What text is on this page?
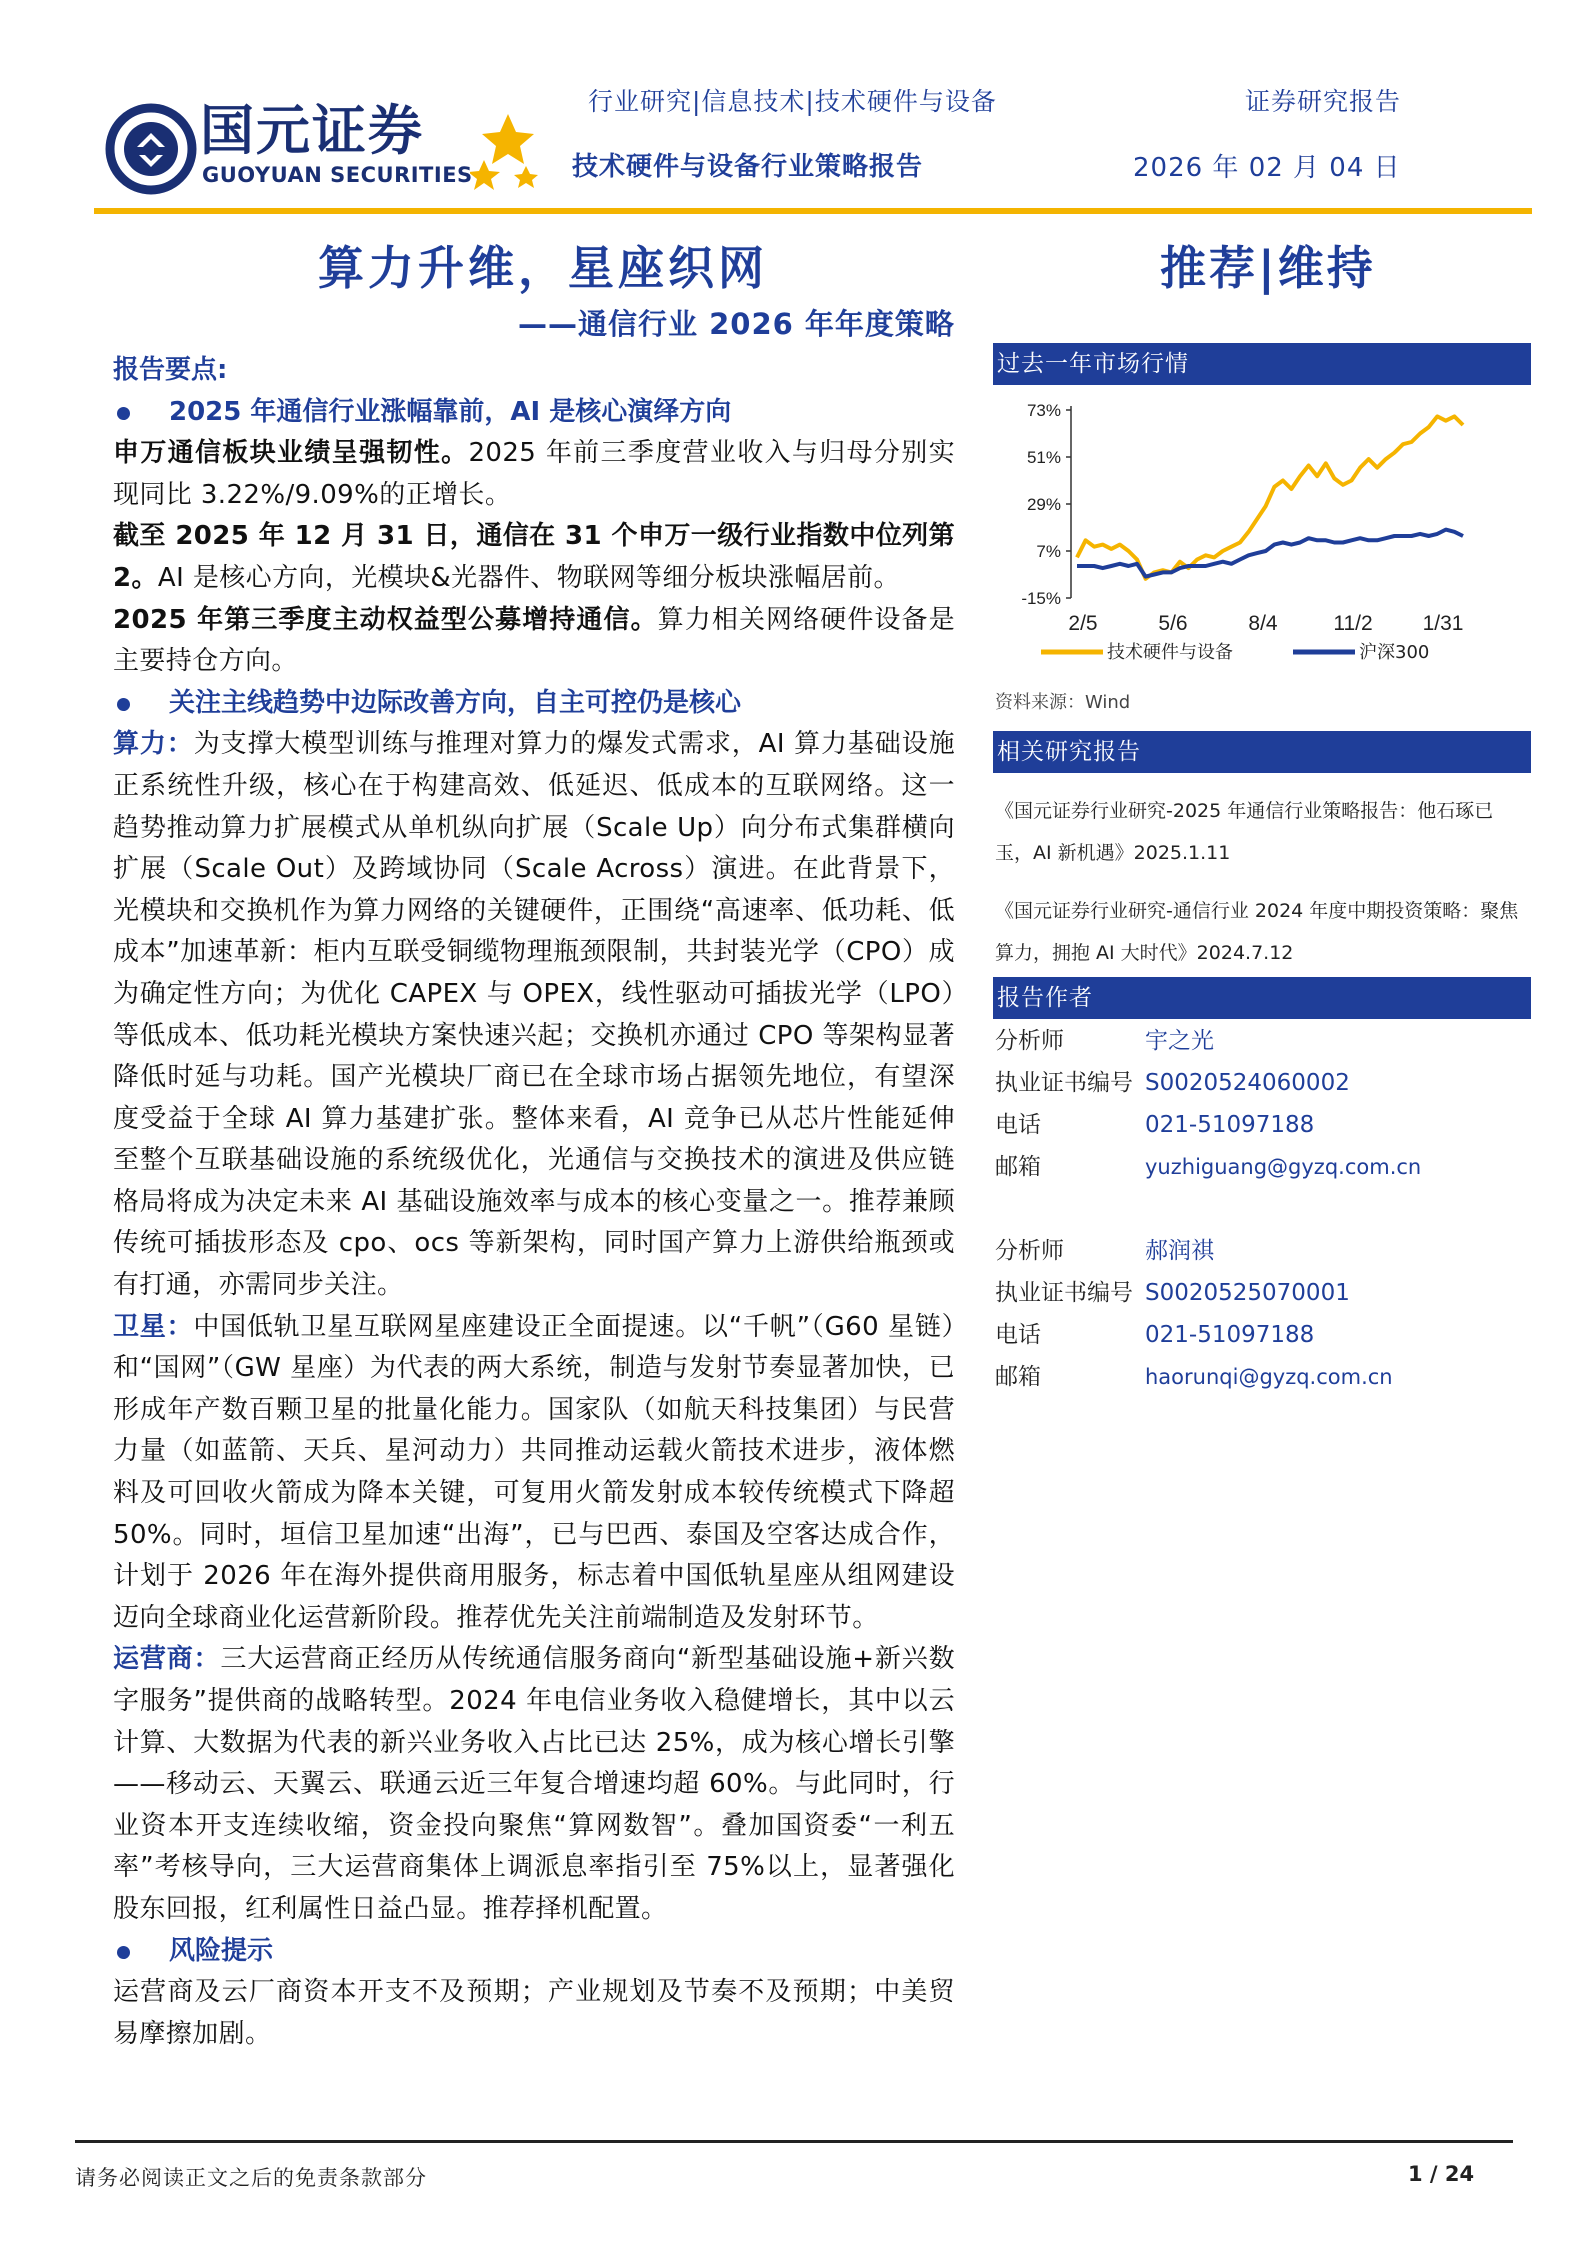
国元证券
GUOYUAN SECURITIES
行业研究|信息技术|技术硬件与设备	证券研究报告
技术硬件与设备行业策略报告	2026 年 02 月 04 日
算力升维，星座织网	推荐|维持
——通信行业 2026 年年度策略

报告要点:

2025 年通信行业涨幅靠前，AI 是核心演绎方向

申万通信板块业绩呈强韧性。2025 年前三季度营业收入与归母分别实现同比 3.22%/9.09%的正增长。

截至 2025 年 12 月 31 日，通信在 31 个申万一级行业指数中位列第 2。AI 是核心方向，光模块&光器件、物联网等细分板块涨幅居前。

2025 年第三季度主动权益型公募增持通信。算力相关网络硬件设备是主要持仓方向。

关注主线趋势中边际改善方向，自主可控仍是核心

算力：为支撑大模型训练与推理对算力的爆发式需求，AI 算力基础设施正系统性升级，核心在于构建高效、低延迟、低成本的互联网络。这一趋势推动算力扩展模式从单机纵向扩展（Scale Up）向分布式集群横向扩展（Scale Out）及跨域协同（Scale Across）演进。在此背景下，光模块和交换机作为算力网络的关键硬件，正围绕“高速率、低功耗、低成本”加速革新：柜内互联受铜缆物理瓶颈限制，共封装光学（CPO）成为确定性方向；为优化 CAPEX 与 OPEX，线性驱动可插拔光学（LPO）等低成本、低功耗光模块方案快速兴起；交换机亦通过 CPO 等架构显著降低时延与功耗。国产光模块厂商已在全球市场占据领先地位，有望深度受益于全球 AI 算力基建扩张。整体来看，AI 竞争已从芯片性能延伸至整个互联基础设施的系统级优化，光通信与交换技术的演进及供应链格局将成为决定未来 AI 基础设施效率与成本的核心变量之一。推荐兼顾传统可插拔形态及 cpo、ocs 等新架构，同时国产算力上游供给瓶颈或有打通，亦需同步关注。

卫星：中国低轨卫星互联网星座建设正全面提速。以“千帆”（G60 星链）和“国网”（GW 星座）为代表的两大系统，制造与发射节奏显著加快，已形成年产数百颗卫星的批量化能力。国家队（如航天科技集团）与民营力量（如蓝箭、天兵、星河动力）共同推动运载火箭技术进步，液体燃料及可回收火箭成为降本关键，可复用火箭发射成本较传统模式下降超 50%。同时，垣信卫星加速“出海”，已与巴西、泰国及空客达成合作，计划于 2026 年在海外提供商用服务，标志着中国低轨星座从组网建设迈向全球商业化运营新阶段。推荐优先关注前端制造及发射环节。

运营商：三大运营商正经历从传统通信服务商向“新型基础设施+新兴数字服务”提供商的战略转型。2024 年电信业务收入稳健增长，其中以云计算、大数据为代表的新兴业务收入占比已达 25%，成为核心增长引擎——移动云、天翼云、联通云近三年复合增速均超 60%。与此同时，行业资本开支连续收缩，资金投向聚焦“算网数智”。叠加国资委“一利五率”考核导向，三大运营商集体上调派息率指引至 75%以上，显著强化股东回报，红利属性日益凸显。推荐择机配置。

风险提示

运营商及云厂商资本开支不及预期；产业规划及节奏不及预期；中美贸易摩擦加剧。

过去一年市场行情
73%
51%
29%
7%
-15%
2/5	5/6	8/4	11/2 1/31
技术硬件与设备	沪深300
资料来源：Wind
相关研究报告
《国元证券行业研究-2025 年通信行业策略报告：他石琢已玉，AI 新机遇》2025.1.11
《国元证券行业研究-通信行业 2024 年度中期投资策略：聚焦算力，拥抱 AI 大时代》2024.7.12
报告作者
分析师	宇之光
执业证书编号 S0020524060002
电话	021-51097188
邮箱	yuzhiguang@gyzq.com.cn
分析师	郝润祺
执业证书编号 S0020525070001
电话	021-51097188
邮箱	haorunqi@gyzq.com.cn
请务必阅读正文之后的免责条款部分	1 / 24
